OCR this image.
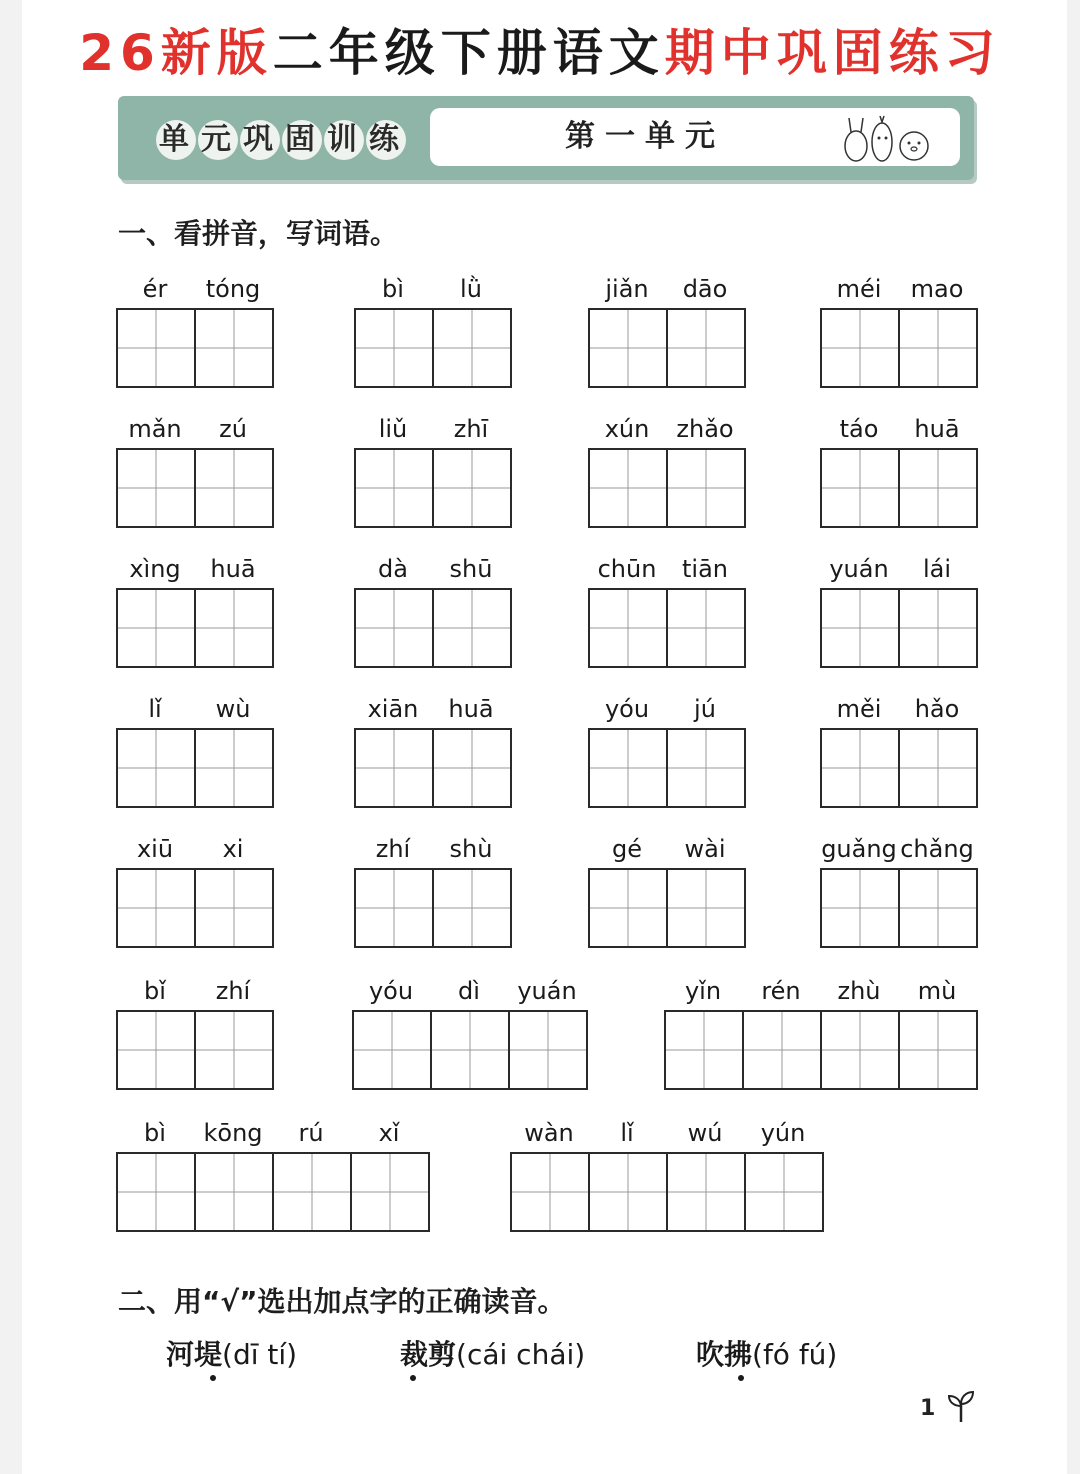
26新版二年级下册语文期中巩固练习
单 元 巩 固 训 练	第一单元
一、看拼音，写词语。
ér	tóng	bì	lǜ	jiǎn	dāo	méi	mao
mǎn	zú	liǔ	zhī	xún	zhǎo	táo	huā
xìng	huā	dà	shū	chūn	tiān	yuán	lái
lǐ	wù	xiān	huā	yóu	jú	měi	hǎo
xiū	xi	zhí	shù	gé	wài	guǎng chǎng
bǐ	zhí	yóu	dì	yuán	yǐn	rén	zhù	mù
bì	kōng	rú	xǐ	wàn	lǐ	wú	yún
二、用“√”选出加点字的正确读音。
河堤
(dī tí)	裁剪
(cái chái)	吹拂
(fó fú)
1
